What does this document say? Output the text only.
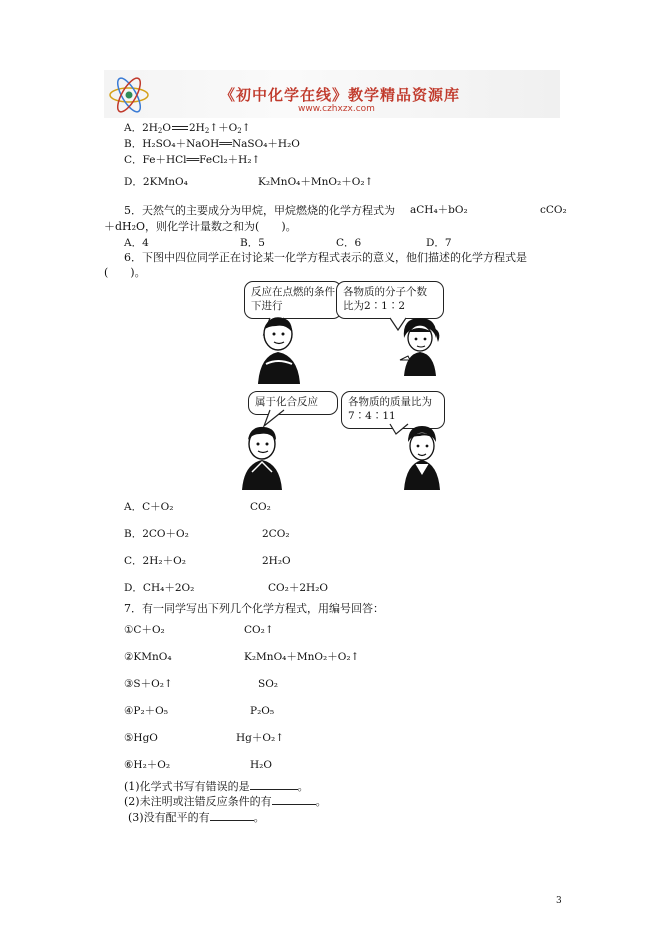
《初中化学在线》教学精品资源库
www.czhxzx.com
A．$2H_2O$ $2H_2↑+O_2↑$
B．H₂SO₄＋NaOH══NaSO₄＋H₂O
C．Fe＋HCl══FeCl₂＋H₂↑
D．2KMnO₄	K₂MnO₄＋MnO₂＋O₂↑
5．天然气的主要成分为甲烷，甲烷燃烧的化学方程式为 aCH₄＋bO₂	cCO₂
＋dH₂O，则化学计量数之和为(　　)。
A．4	B．5	C．6	D．7
6．下图中四位同学正在讨论某一化学方程式表示的意义，他们描述的化学方程式是
(　　)。
反应在点燃的条件下进行
各物质的分子个数比为2∶1∶2
属于化合反应	各物质的质量比为7∶4∶11
A．C＋O₂	CO₂
B．2CO＋O₂	2CO₂
C．2H₂＋O₂	2H₂O
D．CH₄＋2O₂	CO₂＋2H₂O
7．有一同学写出下列几个化学方程式，用编号回答：
①C＋O₂	CO₂↑
②KMnO₄	K₂MnO₄＋MnO₂＋O₂↑
③S＋O₂↑	SO₂
④P₂＋O₅	P₂O₅
⑤HgO	Hg＋O₂↑
⑥H₂＋O₂	H₂O
(1)化学式书写有错误的是	。
(2)未注明或注错反应条件的有	。
(3)没有配平的有	。
3
